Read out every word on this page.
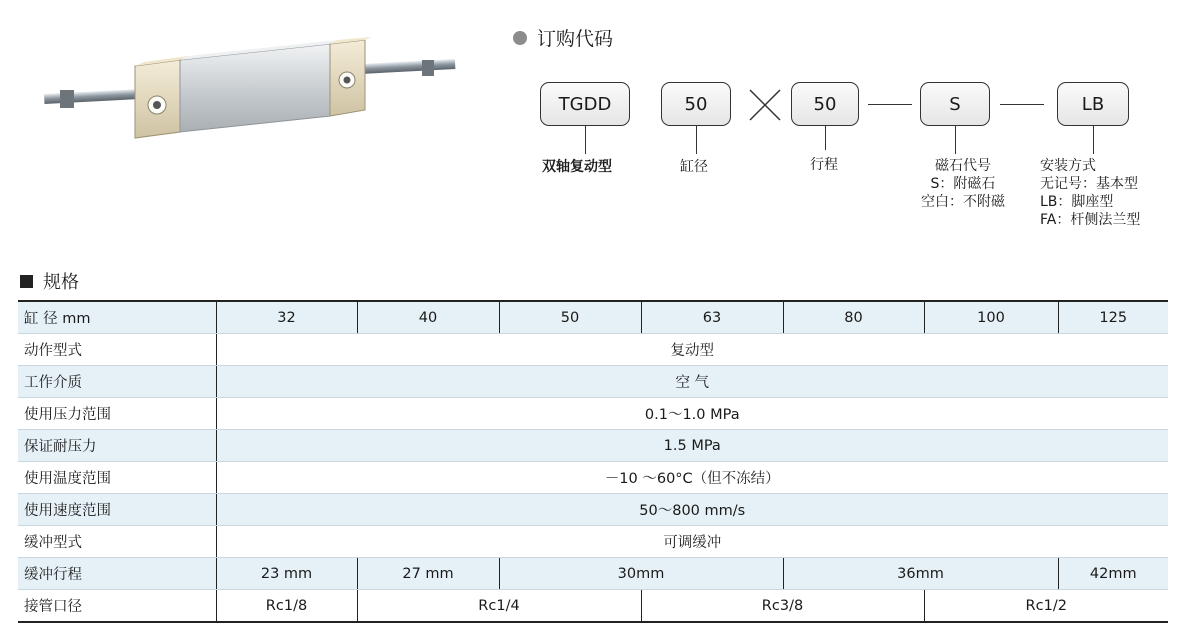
订购代码
TGDD	50	50	S	LB
双轴复动型	缸径	行程	磁石代号
S：附磁石
空白：不附磁
安装方式
无记号：基本型
LB：脚座型
FA：杆侧法兰型
规格
缸 径 mm	32	40	50	63	80	100	125
动作型式	复动型						
工作介质	空 气						
使用压力范围	0.1～1.0 MPa						
保证耐压力	1.5 MPa						
使用温度范围	－10 ～60°C（但不冻结）						
使用速度范围	50～800 mm/s						
缓冲型式	可调缓冲						
缓冲行程	23 mm	27 mm	30mm		36mm		42mm
接管口径	Rc1/8	Rc1/4		Rc3/8		Rc1/2	
